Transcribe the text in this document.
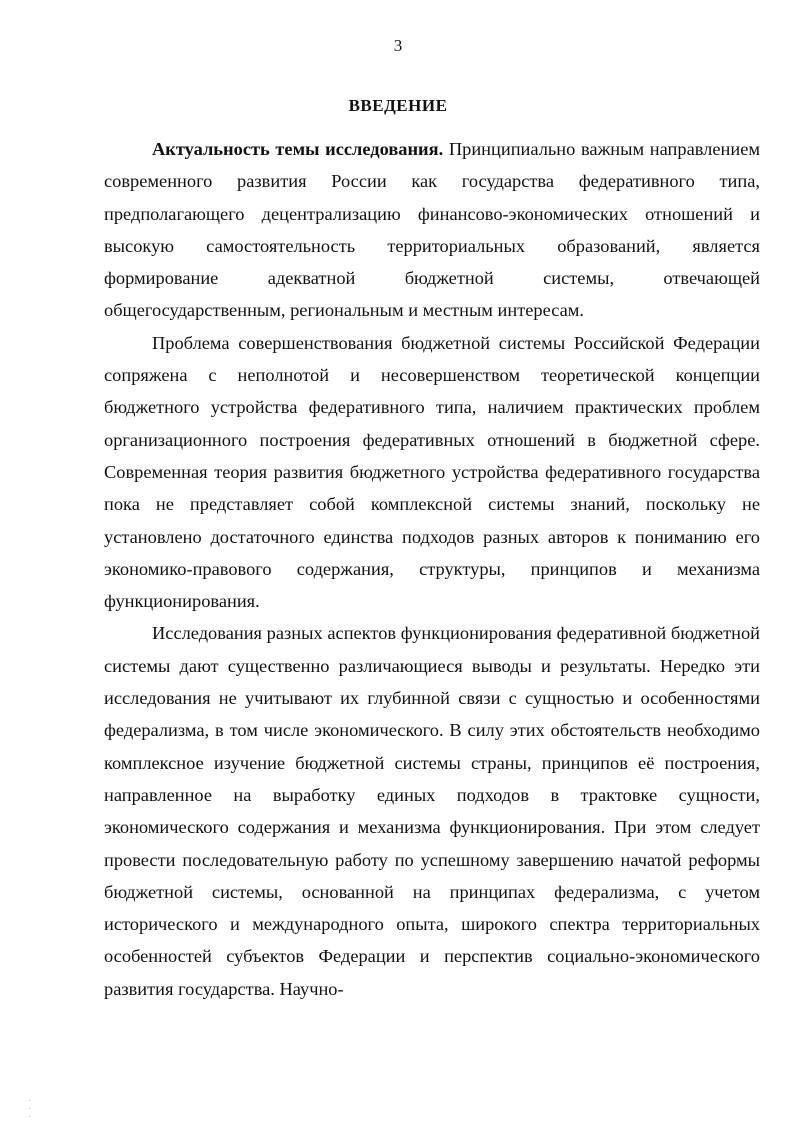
3
ВВЕДЕНИЕ

Актуальность темы исследования. Принципиально важным направлением современного развития России как государства федеративного типа, предполагающего децентрализацию финансово-экономических отношений и высокую самостоятельность территориальных образований, является формирование адекватной бюджетной системы, отвечающей общегосударственным, региональным и местным интересам.

Проблема совершенствования бюджетной системы Российской Федерации сопряжена с неполнотой и несовершенством теоретической концепции бюджетного устройства федеративного типа, наличием практических проблем организационного построения федеративных отношений в бюджетной сфере. Современная теория развития бюджетного устройства федеративного государства пока не представляет собой комплексной системы знаний, поскольку не установлено достаточного единства подходов разных авторов к пониманию его экономико-правового содержания, структуры, принципов и механизма функционирования.

Исследования разных аспектов функционирования федеративной бюджетной системы дают существенно различающиеся выводы и результаты. Нередко эти исследования не учитывают их глубинной связи с сущностью и особенностями федерализма, в том числе экономического. В силу этих обстоятельств необходимо комплексное изучение бюджетной системы страны, принципов её построения, направленное на выработку единых подходов в трактовке сущности, экономического содержания и механизма функционирования. При этом следует провести последовательную работу по успешному завершению начатой реформы бюджетной системы, основанной на принципах федерализма, с учетом исторического и международного опыта, широкого спектра территориальных особенностей субъектов Федерации и перспектив социально-экономического развития государства. Научно-

·
·
·
